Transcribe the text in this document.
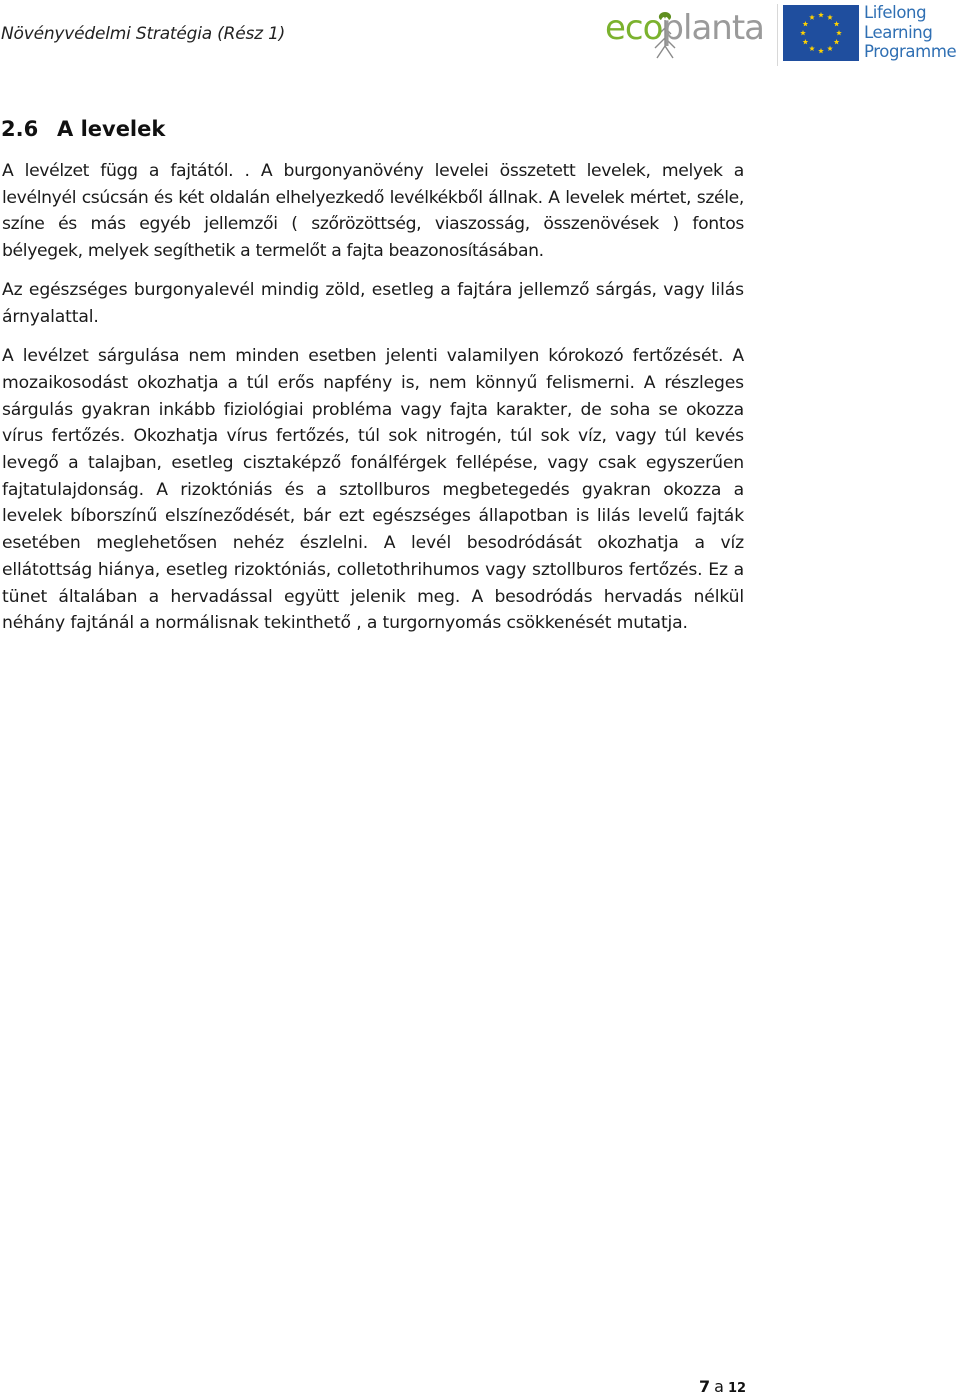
Növényvédelmi Stratégia (Rész 1)	ecoplanta	Lifelong
Learning
Programme
2.6 A levelek

A levélzet függ a fajtától. . A burgonyanövény levelei összetett levelek, melyek a levélnyél csúcsán és két oldalán elhelyezkedő levélkékből állnak. A levelek mértet, széle, színe és más egyéb jellemzői ( szőrözöttség, viaszosság, összenövések ) fontos bélyegek, melyek segíthetik a termelőt a fajta beazonosításában.

Az egészséges burgonyalevél mindig zöld, esetleg a fajtára jellemző sárgás, vagy lilás árnyalattal.

A levélzet sárgulása nem minden esetben jelenti valamilyen kórokozó fertőzését. A mozaikosodást okozhatja a túl erős napfény is, nem könnyű felismerni. A részleges sárgulás gyakran inkább fiziológiai probléma vagy fajta karakter, de soha se okozza vírus fertőzés. Okozhatja vírus fertőzés, túl sok nitrogén, túl sok víz, vagy túl kevés levegő a talajban, esetleg cisztaképző fonálférgek fellépése, vagy csak egyszerűen fajtatulajdonság. A rizoktóniás és a sztollburos megbetegedés gyakran okozza a levelek bíborszínű elszíneződését, bár ezt egészséges állapotban is lilás levelű fajták esetében meglehetősen nehéz észlelni. A levél besodródását okozhatja a víz ellátottság hiánya, esetleg rizoktóniás, colletothrihumos vagy sztollburos fertőzés. Ez a tünet általában a hervadással együtt jelenik meg. A besodródás hervadás nélkül néhány fajtánál a normálisnak tekinthető , a turgornyomás csökkenését mutatja.

7 a 12
